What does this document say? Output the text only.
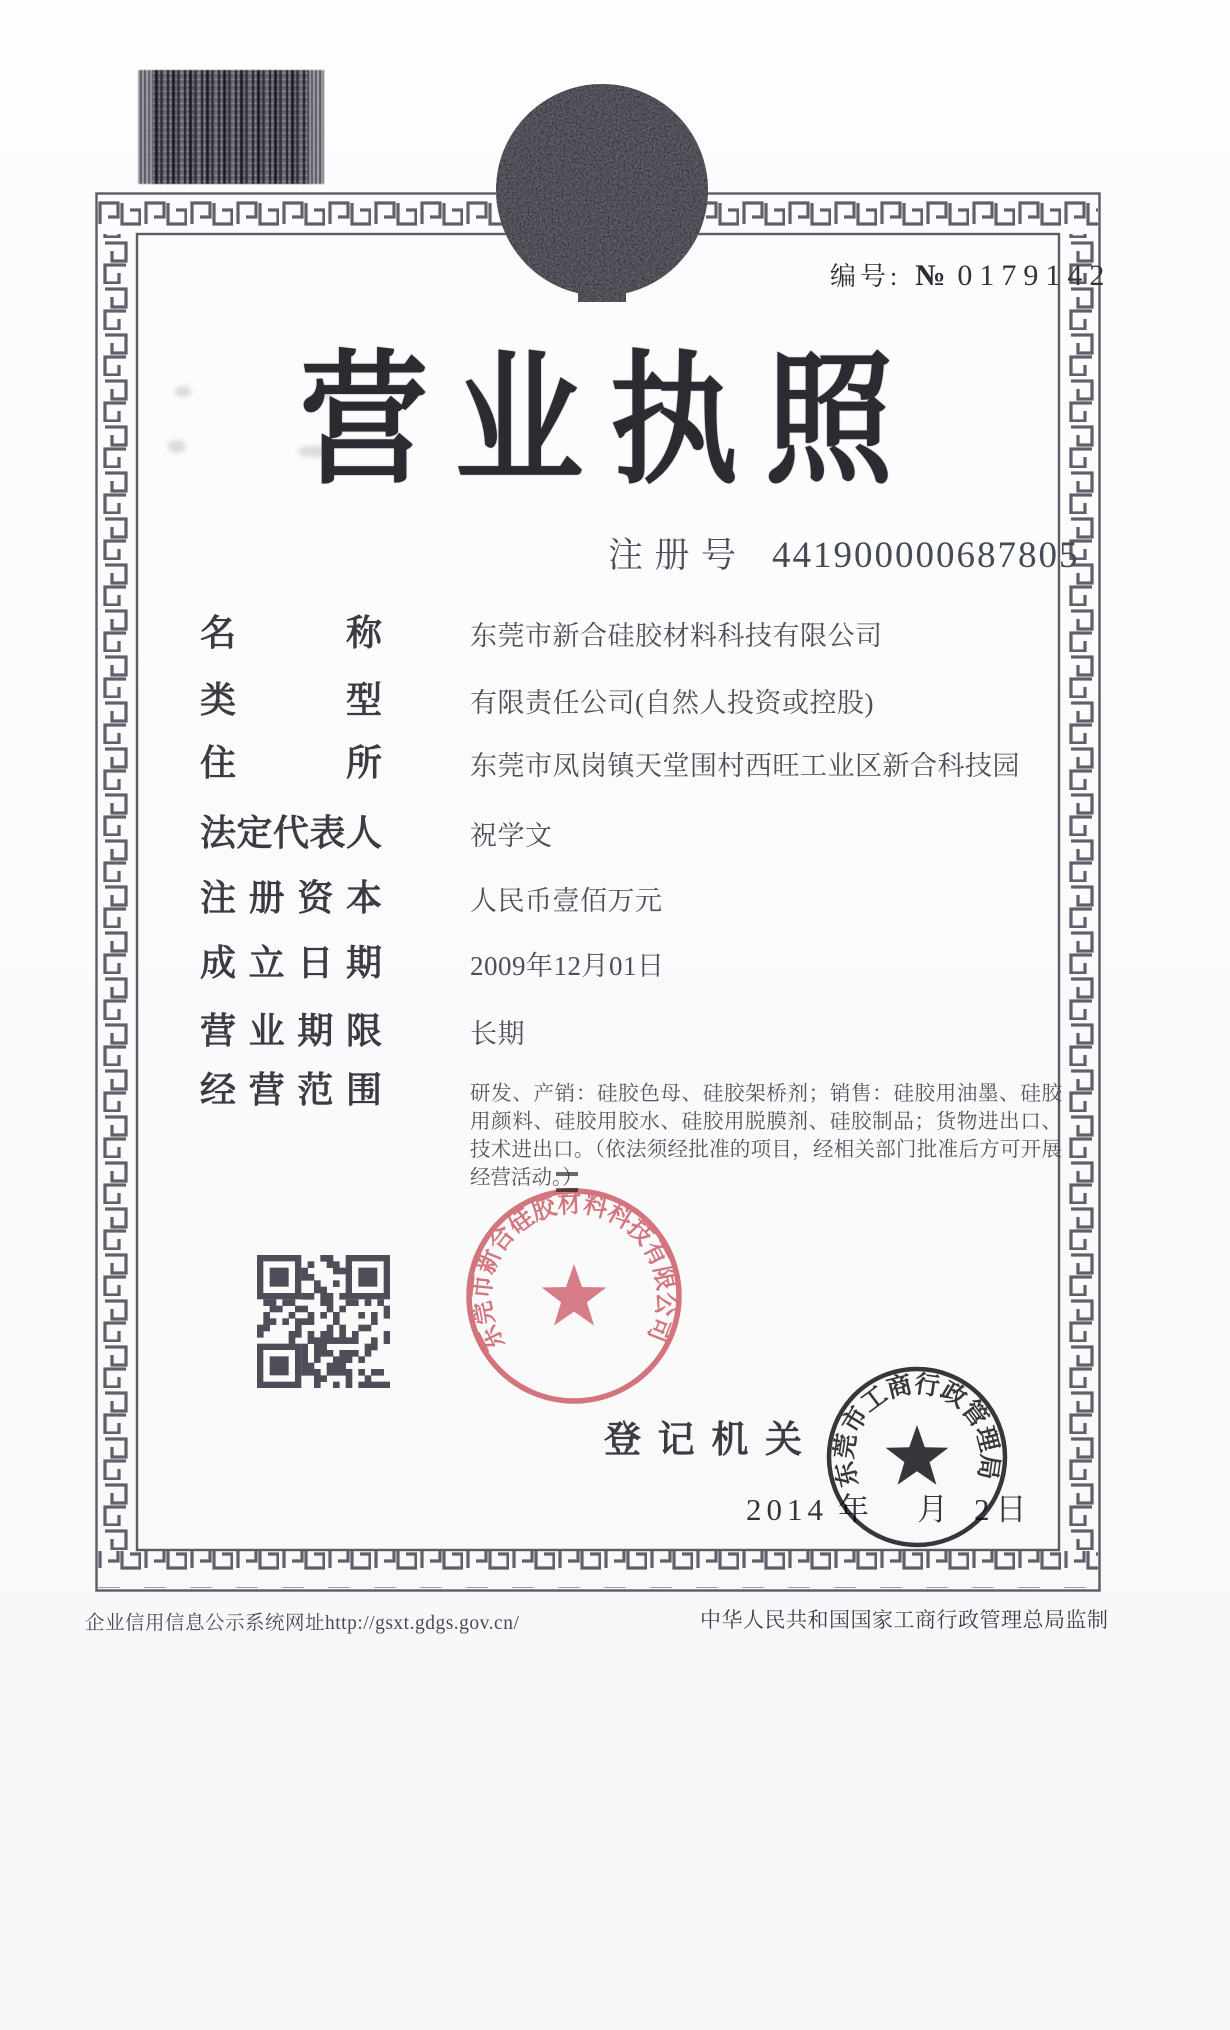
编号: № 0179142
营业执照
注册号 441900000687805
名称	东莞市新合硅胶材料科技有限公司
类型	有限责任公司(自然人投资或控股)
住所	东莞市凤岗镇天堂围村西旺工业区新合科技园
法定代表人	祝学文
注册资本	人民币壹佰万元
成立日期	2009年12月01日
营业期限	长期
经营范围	研发、产销：硅胶色母、硅胶架桥剂；销售：硅胶用油墨、硅胶用颜料、硅胶用胶水、硅胶用脱膜剂、硅胶制品；货物进出口、技术进出口。（依法须经批准的项目，经相关部门批准后方可开展经营活动。）
东莞市新合硅胶材料科技有限公司
登记机关
2014 年 月 2 日
东莞市工商行政管理局
企业信用信息公示系统网址http://gsxt.gdgs.gov.cn/	中华人民共和国国家工商行政管理总局监制
